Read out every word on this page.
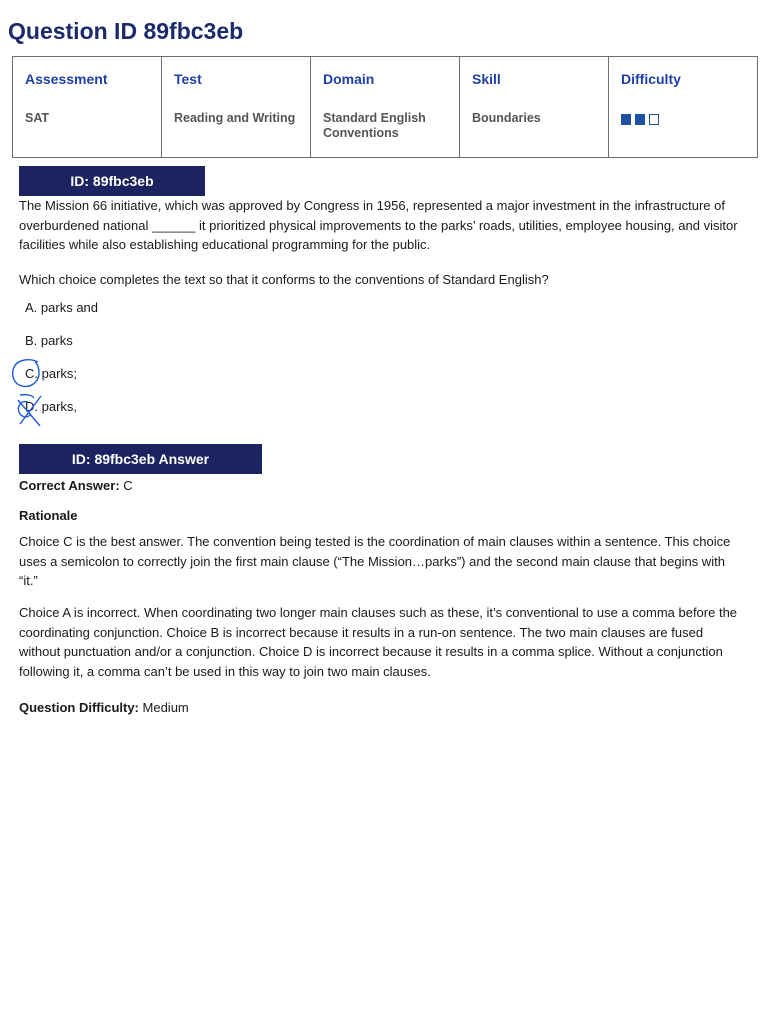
Question ID 89fbc3eb
Assessment
SAT
Test
Reading and Writing
Domain
Standard English Conventions
Skill
Boundaries
Difficulty
ID: 89fbc3eb

The Mission 66 initiative, which was approved by Congress in 1956, represented a major investment in the infrastructure of overburdened national ______ it prioritized physical improvements to the parks’ roads, utilities, employee housing, and visitor facilities while also establishing educational programming for the public.

Which choice completes the text so that it conforms to the conventions of Standard English?

A. parks and
B. parks
C. parks;
D. parks,
ID: 89fbc3eb Answer
Correct Answer: C
Rationale

Choice C is the best answer. The convention being tested is the coordination of main clauses within a sentence. This choice uses a semicolon to correctly join the first main clause (“The Mission…parks”) and the second main clause that begins with “it.”

Choice A is incorrect. When coordinating two longer main clauses such as these, it’s conventional to use a comma before the coordinating conjunction. Choice B is incorrect because it results in a run-on sentence. The two main clauses are fused without punctuation and/or a conjunction. Choice D is incorrect because it results in a comma splice. Without a conjunction following it, a comma can’t be used in this way to join two main clauses.

Question Difficulty: Medium
